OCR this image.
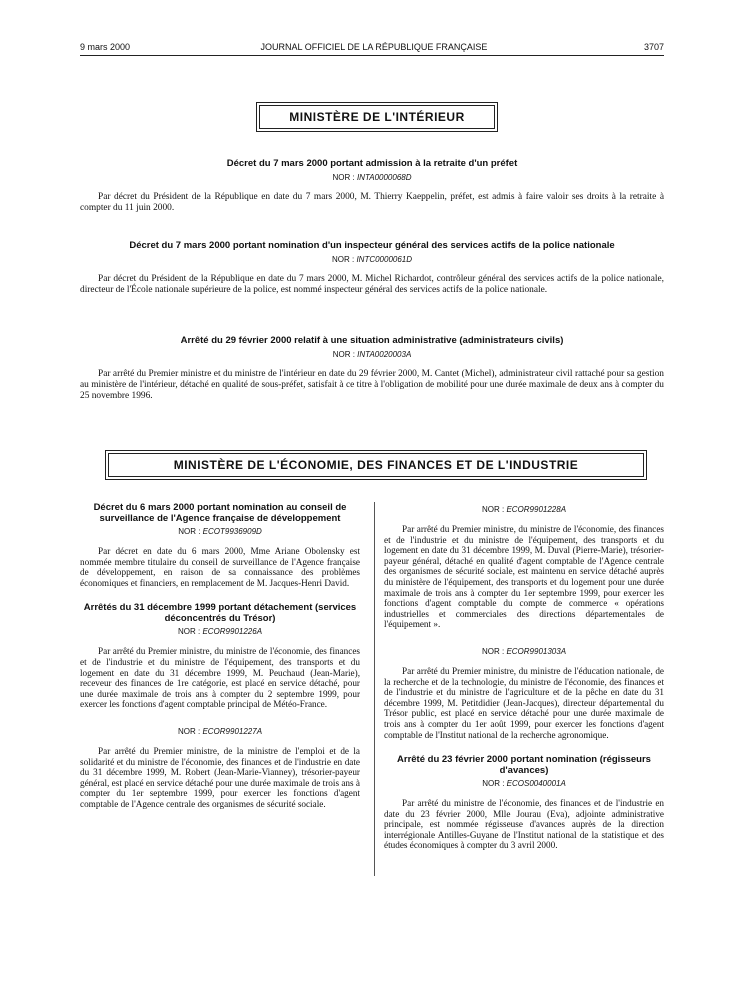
9 mars 2000	JOURNAL OFFICIEL DE LA RÉPUBLIQUE FRANÇAISE	3707
MINISTÈRE DE L'INTÉRIEUR

Décret du 7 mars 2000 portant admission à la retraite d'un préfet

NOR : INTA0000068D

Par décret du Président de la République en date du 7 mars 2000, M. Thierry Kaeppelin, préfet, est admis à faire valoir ses droits à la retraite à compter du 11 juin 2000.

Décret du 7 mars 2000 portant nomination d'un inspecteur général des services actifs de la police nationale

NOR : INTC0000061D

Par décret du Président de la République en date du 7 mars 2000, M. Michel Richardot, contrôleur général des services actifs de la police nationale, directeur de l'École nationale supérieure de la police, est nommé inspecteur général des services actifs de la police nationale.

Arrêté du 29 février 2000 relatif à une situation administrative (administrateurs civils)

NOR : INTA0020003A

Par arrêté du Premier ministre et du ministre de l'intérieur en date du 29 février 2000, M. Cantet (Michel), administrateur civil rattaché pour sa gestion au ministère de l'intérieur, détaché en qualité de sous-préfet, satisfait à ce titre à l'obligation de mobilité pour une durée maximale de deux ans à compter du 25 novembre 1996.

MINISTÈRE DE L'ÉCONOMIE, DES FINANCES ET DE L'INDUSTRIE

Décret du 6 mars 2000 portant nomination au conseil de surveillance de l'Agence française de développement

NOR : ECOT9936909D

Par décret en date du 6 mars 2000, Mme Ariane Obolensky est nommée membre titulaire du conseil de surveillance de l'Agence française de développement, en raison de sa connaissance des problèmes économiques et financiers, en remplacement de M. Jacques-Henri David.

Arrêtés du 31 décembre 1999 portant détachement (services déconcentrés du Trésor)

NOR : ECOR9901226A

Par arrêté du Premier ministre, du ministre de l'économie, des finances et de l'industrie et du ministre de l'équipement, des transports et du logement en date du 31 décembre 1999, M. Peuchaud (Jean-Marie), receveur des finances de 1re catégorie, est placé en service détaché, pour une durée maximale de trois ans à compter du 2 septembre 1999, pour exercer les fonctions d'agent comptable principal de Météo-France.

NOR : ECOR9901227A

Par arrêté du Premier ministre, de la ministre de l'emploi et de la solidarité et du ministre de l'économie, des finances et de l'industrie en date du 31 décembre 1999, M. Robert (Jean-Marie-Vianney), trésorier-payeur général, est placé en service détaché pour une durée maximale de trois ans à compter du 1er septembre 1999, pour exercer les fonctions d'agent comptable de l'Agence centrale des organismes de sécurité sociale.

NOR : ECOR9901228A

Par arrêté du Premier ministre, du ministre de l'économie, des finances et de l'industrie et du ministre de l'équipement, des transports et du logement en date du 31 décembre 1999, M. Duval (Pierre-Marie), trésorier-payeur général, détaché en qualité d'agent comptable de l'Agence centrale des organismes de sécurité sociale, est maintenu en service détaché auprès du ministère de l'équipement, des transports et du logement pour une durée maximale de trois ans à compter du 1er septembre 1999, pour exercer les fonctions d'agent comptable du compte de commerce « opérations industrielles et commerciales des directions départementales de l'équipement ».

NOR : ECOR9901303A

Par arrêté du Premier ministre, du ministre de l'éducation nationale, de la recherche et de la technologie, du ministre de l'économie, des finances et de l'industrie et du ministre de l'agriculture et de la pêche en date du 31 décembre 1999, M. Petitdidier (Jean-Jacques), directeur départemental du Trésor public, est placé en service détaché pour une durée maximale de trois ans à compter du 1er août 1999, pour exercer les fonctions d'agent comptable de l'Institut national de la recherche agronomique.

Arrêté du 23 février 2000 portant nomination (régisseurs d'avances)

NOR : ECOS0040001A

Par arrêté du ministre de l'économie, des finances et de l'industrie en date du 23 février 2000, Mlle Jourau (Eva), adjointe administrative principale, est nommée régisseuse d'avances auprès de la direction interrégionale Antilles-Guyane de l'Institut national de la statistique et des études économiques à compter du 3 avril 2000.
